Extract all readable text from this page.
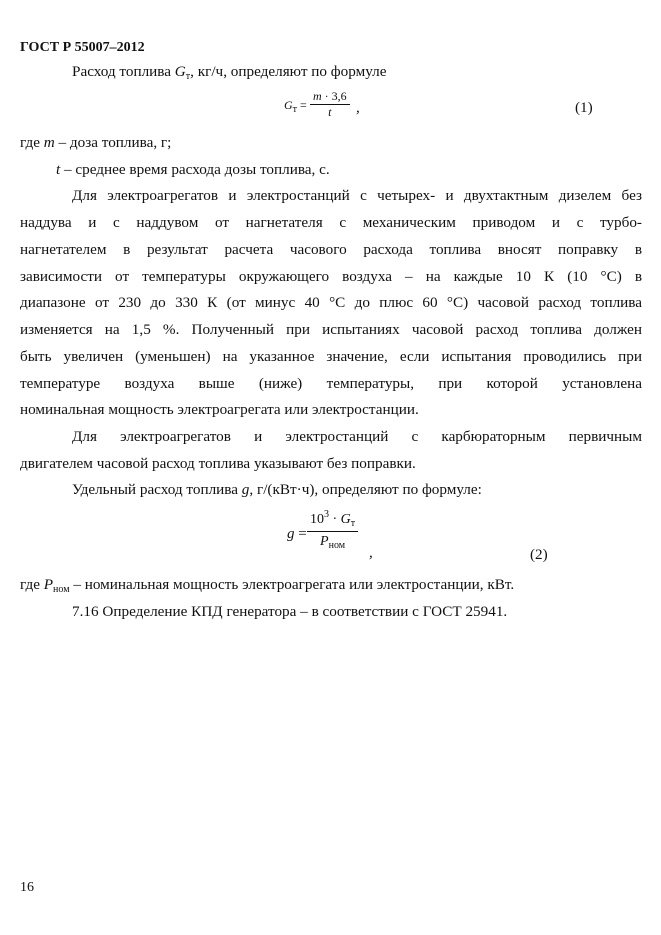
ГОСТ Р 55007–2012
Расход топлива $G_т$, кг/ч, определяют по формуле
$G_т$ =
m · 3,6
t	,	(1)
где m – доза топлива, г;
t – среднее время расхода дозы топлива, с.
Для электроагрегатов и электростанций с четырех- и двухтактным дизелем без
наддува и с наддувом от нагнетателя с механическим приводом и с турбо-
нагнетателем в результат расчета часового расхода топлива вносят поправку в
зависимости от температуры окружающего воздуха – на каждые 10 К (10 °С) в
диапазоне от 230 до 330 К (от минус 40 °С до плюс 60 °С) часовой расход топлива
изменяется на 1,5 %. Полученный при испытаниях часовой расход топлива должен
быть увеличен (уменьшен) на указанное значение, если испытания проводились при
температуре воздуха выше (ниже) температуры, при которой установлена
номинальная мощность электроагрегата или электростанции.
Для электроагрегатов и электростанций с карбюраторным первичным
двигателем часовой расход топлива указывают без поправки.
Удельный расход топлива g, г/(кВт·ч), определяют по формуле:
g =
$10^3 \cdot G_т$
$P_{ном}$	,	(2)
где $P_{ном}$ – номинальная мощность электроагрегата или электростанции, кВт.
7.16 Определение КПД генератора – в соответствии с ГОСТ 25941.
16
